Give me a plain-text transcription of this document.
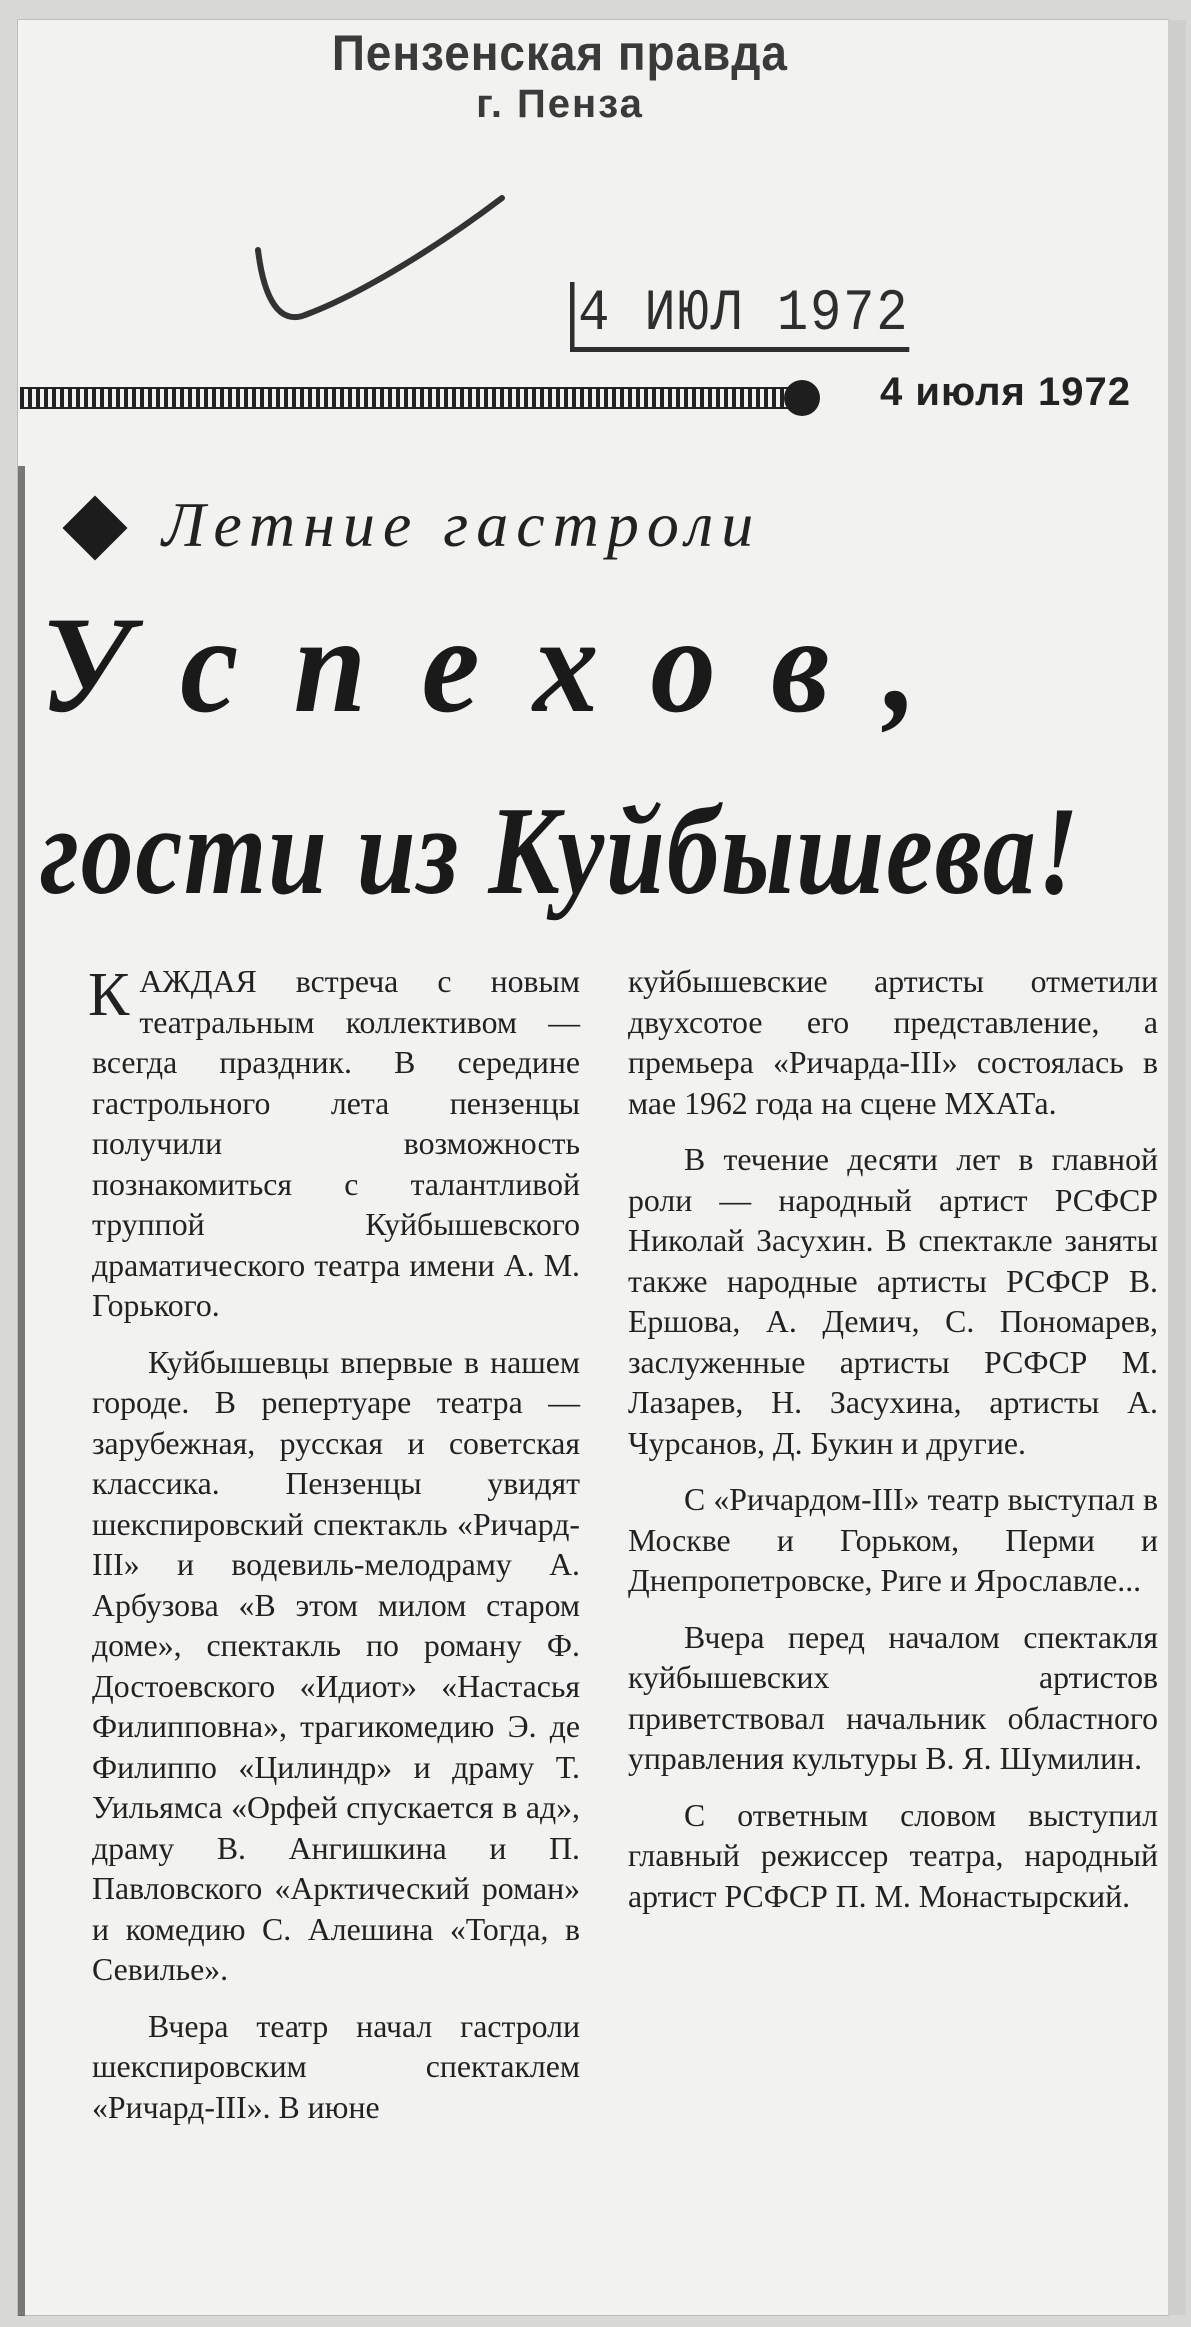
Пензенская правда
г. Пенза
4 ИЮЛ 1972
4 июля 1972
Летние гастроли
Успехов,
гости из Куйбышева!

КАЖДАЯ встреча с новым театральным коллективом — всегда праздник. В середине гастрольного лета пензенцы получили возможность познакомиться с талантливой труппой Куйбышевского драматического театра имени А. М. Горького.

Куйбышевцы впервые в нашем городе. В репертуаре театра — зарубежная, русская и советская классика. Пензенцы увидят шекспировский спектакль «Ричард-III» и водевиль-мелодраму А. Арбузова «В этом милом старом доме», спектакль по роману Ф. Достоевского «Идиот» «Настасья Филипповна», трагикомедию Э. де Филиппо «Цилиндр» и драму Т. Уильямса «Орфей спускается в ад», драму В. Ангишкина и П. Павловского «Арктический роман» и комедию С. Алешина «Тогда, в Севилье».

Вчера театр начал гастроли шекспировским спектаклем «Ричард-III». В июне

куйбышевские артисты отметили двухсотое его представление, а премьера «Ричарда-III» состоялась в мае 1962 года на сцене МХАТа.

В течение десяти лет в главной роли — народный артист РСФСР Николай Засухин. В спектакле заняты также народные артисты РСФСР В. Ершова, А. Демич, С. Пономарев, заслуженные артисты РСФСР М. Лазарев, Н. Засухина, артисты А. Чурсанов, Д. Букин и другие.

С «Ричардом-III» театр выступал в Москве и Горьком, Перми и Днепропетровске, Риге и Ярославле...

Вчера перед началом спектакля куйбышевских артистов приветствовал начальник областного управления культуры В. Я. Шумилин.

С ответным словом выступил главный режиссер театра, народный артист РСФСР П. М. Монастырский.
